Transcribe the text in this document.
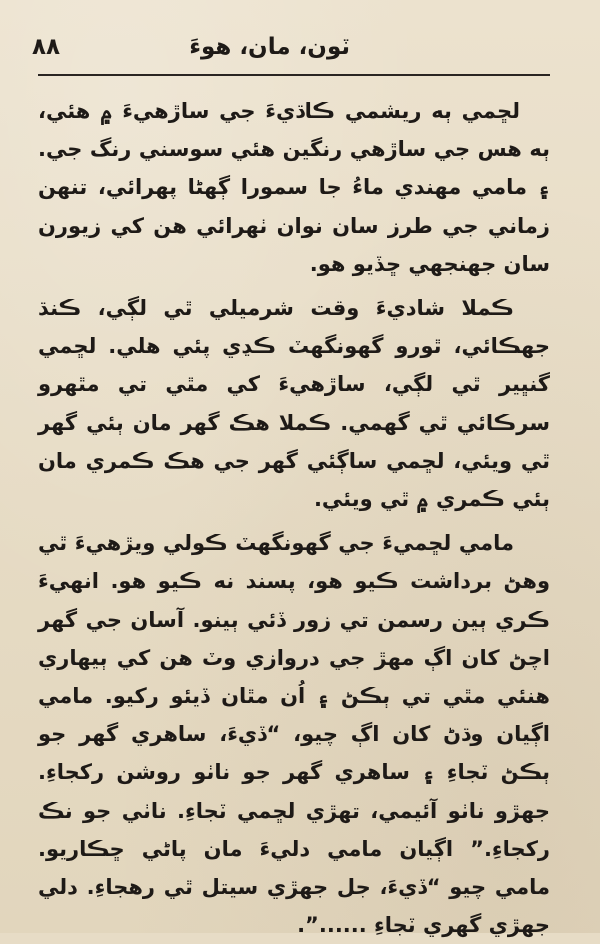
٨٨	ٽون، مان، هوءَ

لڇمي ٻه ريشمي ڪاڌيءَ جي ساڙهيءَ ۾ هئي، ٻه هس جي ساڙهي رنگين هئي سوسني رنگ جي. ۽ مامي مهندي ماءُ جا سمورا ڳهڻا پهرائي، تنهن زماني جي طرز سان نوان ٺهرائي هن کي زيورن سان جهنجهي ڇڏيو هو.

ڪملا شاديءَ وقت شرميلي ٿي لڳي، ڪنڌ جهڪائي، ٿورو گهونگهٽ ڪڍي پئي هلي. لڇمي گنڀير ٿي لڳي، ساڙهيءَ کي مٿي تي مٿهرو سرڪائي ٿي گهمي. ڪملا هڪ گهر مان ٻئي گهر ٿي ويئي، لڇمي ساڳئي گهر جي هڪ ڪمري مان ٻئي ڪمري ۾ ٿي ويئي.

مامي لڇميءَ جي گهونگهٽ ڪولي ويڙهيءَ ٿي وهڻ برداشت ڪيو هو، پسند نه ڪيو هو. انهيءَ ڪري ٻين رسمن تي زور ڏئي ٻينو. آسان جي گهر اچڻ کان اڳ مهڙ جي دروازي وٽ هن کي ٻيهاري هنئي مٿي تي ٻڪڻ ۽ اُن مٿان ڏيئو رکيو. مامي اڳيان وڌڻ کان اڳ چيو، “ڏيءَ، ساهري گهر جو ٻڪڻ ٽجاءِ ۽ ساهري گهر جو ناٺو روشن رکجاءِ. جهڙو ناٺو آئيمي، تهڙي لڇمي ٽجاءِ. ناٺي جو نڪ رکجاءِ.” اڳيان مامي دليءَ مان پاڻي ڇڪاريو. مامي چيو “ڏيءَ، جل جهڙي سيتل ٿي رهجاءِ. دلي جهڙي گهري ٽجاءِ ......”.
